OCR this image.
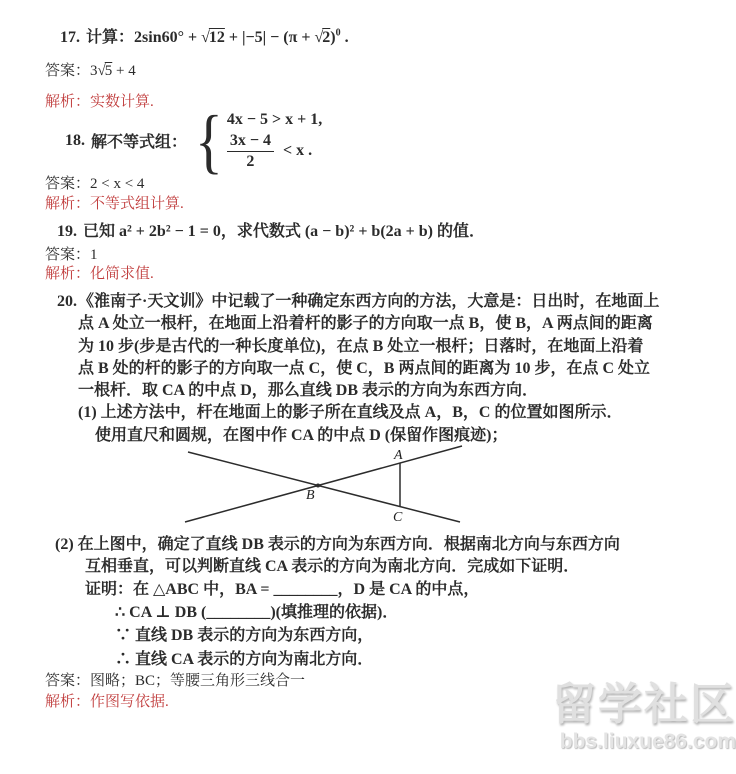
17. 计算：$2\sin 60^\circ + √12 + |-5| - (\pi + √2)^0$ .
答案：3√5 + 4
解析：实数计算.
18. 解不等式组： { 4x − 5 > x + 1,
$\frac{3x - 4}{2} < x$ .
答案：2 < x < 4
解析：不等式组计算.
19. 已知 a² + 2b² − 1 = 0，求代数式 (a − b)² + b(2a + b) 的值．
答案：1
解析：化简求值.
20.《淮南子·天文训》中记载了一种确定东西方向的方法，大意是：日出时，在地面上
点 A 处立一根杆，在地面上沿着杆的影子的方向取一点 B，使 B，A 两点间的距离
为 10 步(步是古代的一种长度单位)，在点 B 处立一根杆；日落时，在地面上沿着
点 B 处的杆的影子的方向取一点 C，使 C，B 两点间的距离为 10 步，在点 C 处立
一根杆．取 CA 的中点 D，那么直线 DB 表示的方向为东西方向．
(1) 上述方法中，杆在地面上的影子所在直线及点 A，B，C 的位置如图所示．
使用直尺和圆规，在图中作 CA 的中点 D (保留作图痕迹)；
A
B
C
(2) 在上图中，确定了直线 DB 表示的方向为东西方向．根据南北方向与东西方向
互相垂直，可以判断直线 CA 表示的方向为南北方向．完成如下证明．
证明：在 △ABC 中，BA = ________，D 是 CA 的中点，
∴ CA ⊥ DB (________)(填推理的依据)．
∵ 直线 DB 表示的方向为东西方向，
∴ 直线 CA 表示的方向为南北方向．
答案：图略；BC；等腰三角形三线合一
解析：作图写依据.	留学社区
bbs.liuxue86.com
